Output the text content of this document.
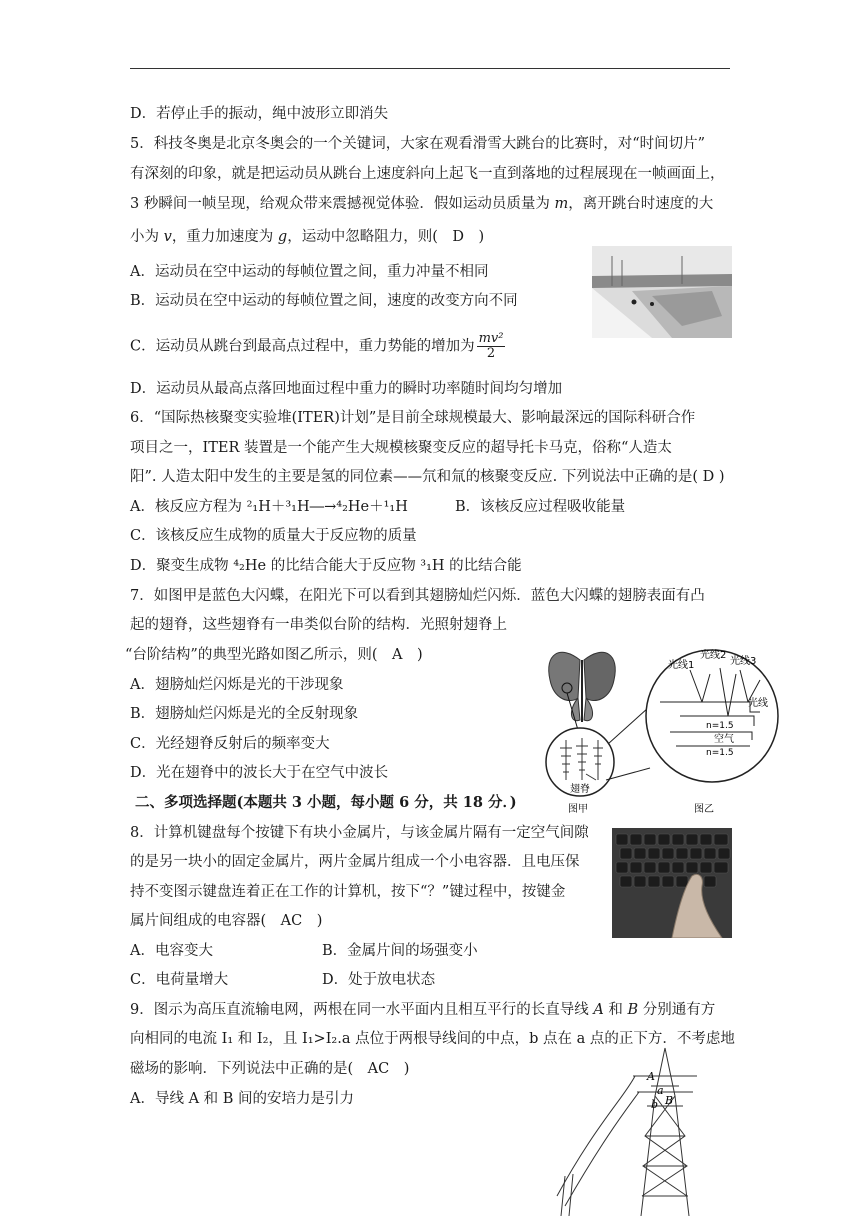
D．若停止手的振动，绳中波形立即消失
5．科技冬奥是北京冬奥会的一个关键词，大家在观看滑雪大跳台的比赛时，对“时间切片”
有深刻的印象，就是把运动员从跳台上速度斜向上起飞一直到落地的过程展现在一帧画面上，
3 秒瞬间一帧呈现，给观众带来震撼视觉体验．假如运动员质量为 m，离开跳台时速度的大
小为 v，重力加速度为 g，运动中忽略阻力，则(　D　)
A．运动员在空中运动的每帧位置之间，重力冲量不相同
B．运动员在空中运动的每帧位置之间，速度的改变方向不同
C．运动员从跳台到最高点过程中，重力势能的增加为 $\frac{\text{mv²}}{2}$
D．运动员从最高点落回地面过程中重力的瞬时功率随时间均匀增加
6．“国际热核聚变实验堆(ITER)计划”是目前全球规模最大、影响最深远的国际科研合作
项目之一，ITER 装置是一个能产生大规模核聚变反应的超导托卡马克，俗称“人造太
阳”. 人造太阳中发生的主要是氢的同位素——氘和氚的核聚变反应. 下列说法中正确的是( D )
A．核反应方程为 ²₁H＋³₁H―→⁴₂He＋¹₁H	B．该核反应过程吸收能量
C．该核反应生成物的质量大于反应物的质量
D．聚变生成物 ⁴₂He 的比结合能大于反应物 ³₁H 的比结合能
7．如图甲是蓝色大闪蝶，在阳光下可以看到其翅膀灿烂闪烁．蓝色大闪蝶的翅膀表面有凸
起的翅脊，这些翅脊有一串类似台阶的结构．光照射翅脊上
“台阶结构”的典型光路如图乙所示，则(　A　)
A．翅膀灿烂闪烁是光的干涉现象
B．翅膀灿烂闪烁是光的全反射现象
C．光经翅脊反射后的频率变大
D．光在翅脊中的波长大于在空气中波长
翅脊
图甲
光线1
光线2
光线3
光线
n=1.5
空气
n=1.5
图乙
二、多项选择题(本题共 3 小题，每小题 6 分，共 18 分．)
8．计算机键盘每个按键下有块小金属片，与该金属片隔有一定空气间隙
的是另一块小的固定金属片，两片金属片组成一个小电容器．且电压保
持不变图示键盘连着正在工作的计算机，按下“？”键过程中，按键金
属片间组成的电容器(　AC　)
A．电容变大	B．金属片间的场强变小
C．电荷量增大	D．处于放电状态
9．图示为高压直流输电网，两根在同一水平面内且相互平行的长直导线 A 和 B 分别通有方
向相同的电流 I₁ 和 I₂，且 I₁>I₂.a 点位于两根导线间的中点，b 点在 a 点的正下方．不考虑地
磁场的影响．下列说法中正确的是(　AC　)
A．导线 A 和 B 间的安培力是引力
A
a
b B
